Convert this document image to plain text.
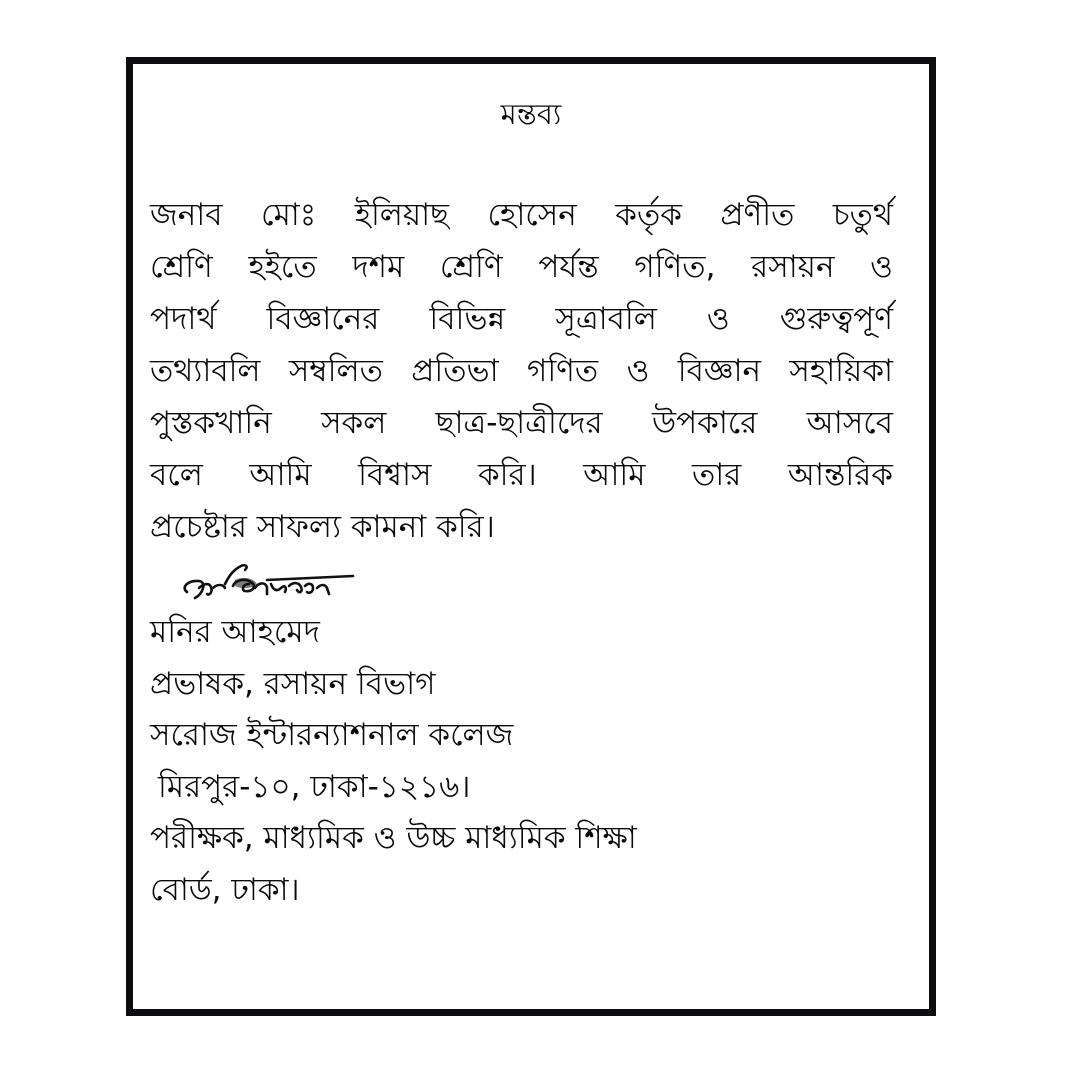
মন্তব্য
জনাব মোঃ ইলিয়াছ হোসেন কর্তৃক প্রণীত চতুর্থ
শ্রেণি হইতে দশম শ্রেণি পর্যন্ত গণিত, রসায়ন ও
পদার্থ বিজ্ঞানের বিভিন্ন সূত্রাবলি ও গুরুত্বপূর্ণ
তথ্যাবলি সম্বলিত প্রতিভা গণিত ও বিজ্ঞান সহায়িকা
পুস্তকখানি সকল ছাত্র-ছাত্রীদের উপকারে আসবে
বলে আমি বিশ্বাস করি। আমি তার আন্তরিক
প্রচেষ্টার সাফল্য কামনা করি।
মনির আহমেদ
প্রভাষক, রসায়ন বিভাগ
সরোজ ইন্টারন্যাশনাল কলেজ
মিরপুর-১০, ঢাকা-১২১৬।
পরীক্ষক, মাধ্যমিক ও উচ্চ মাধ্যমিক শিক্ষা
বোর্ড, ঢাকা।
